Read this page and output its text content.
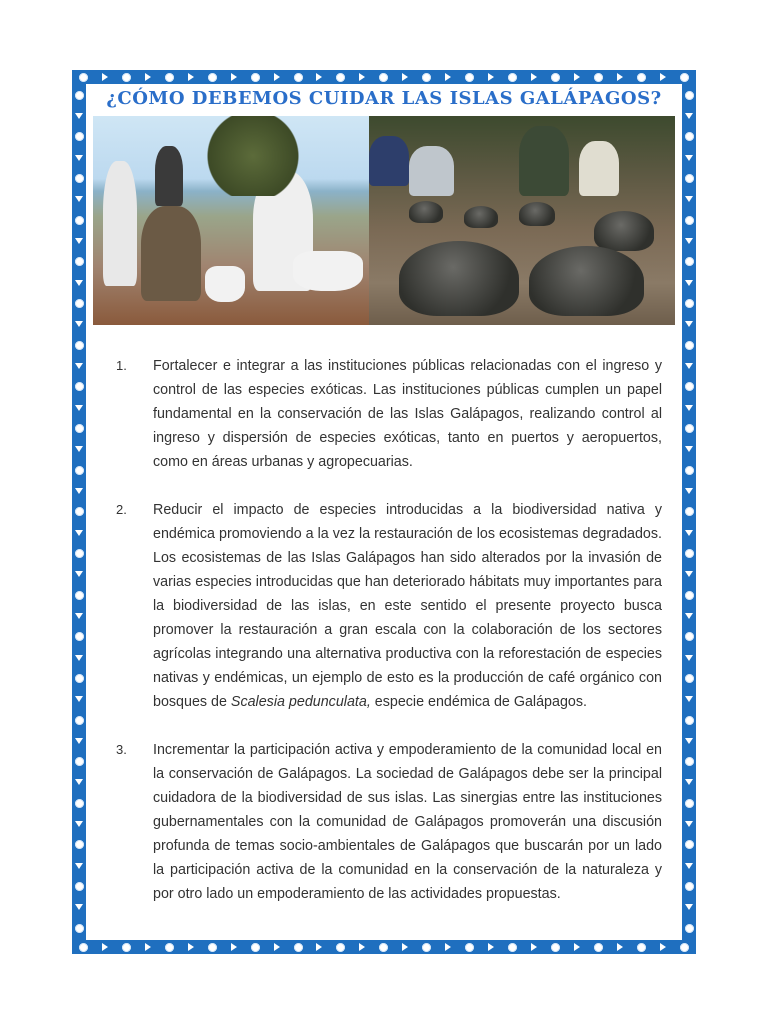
¿CÓMO DEBEMOS CUIDAR LAS ISLAS GALÁPAGOS?
1.	Fortalecer e integrar a las instituciones públicas relacionadas con el ingreso y control de las especies exóticas. Las instituciones públicas cumplen un papel fundamental en la conservación de las Islas Galápagos, realizando control al ingreso y dispersión de especies exóticas, tanto en puertos y aeropuertos, como en áreas urbanas y agropecuarias.
2.	Reducir el impacto de especies introducidas a la biodiversidad nativa y endémica promoviendo a la vez la restauración de los ecosistemas degradados. Los ecosistemas de las Islas Galápagos han sido alterados por la invasión de varias especies introducidas que han deteriorado hábitats muy importantes para la biodiversidad de las islas, en este sentido el presente proyecto busca promover la restauración a gran escala con la colaboración de los sectores agrícolas integrando una alternativa productiva con la reforestación de especies nativas y endémicas, un ejemplo de esto es la producción de café orgánico con bosques de Scalesia pedunculata, especie endémica de Galápagos.
3.	Incrementar la participación activa y empoderamiento de la comunidad local en la conservación de Galápagos. La sociedad de Galápagos debe ser la principal cuidadora de la biodiversidad de sus islas. Las sinergias entre las instituciones gubernamentales con la comunidad de Galápagos promoverán una discusión profunda de temas socio-ambientales de Galápagos que buscarán por un lado la participación activa de la comunidad en la conservación de la naturaleza y por otro lado un empoderamiento de las actividades propuestas.
